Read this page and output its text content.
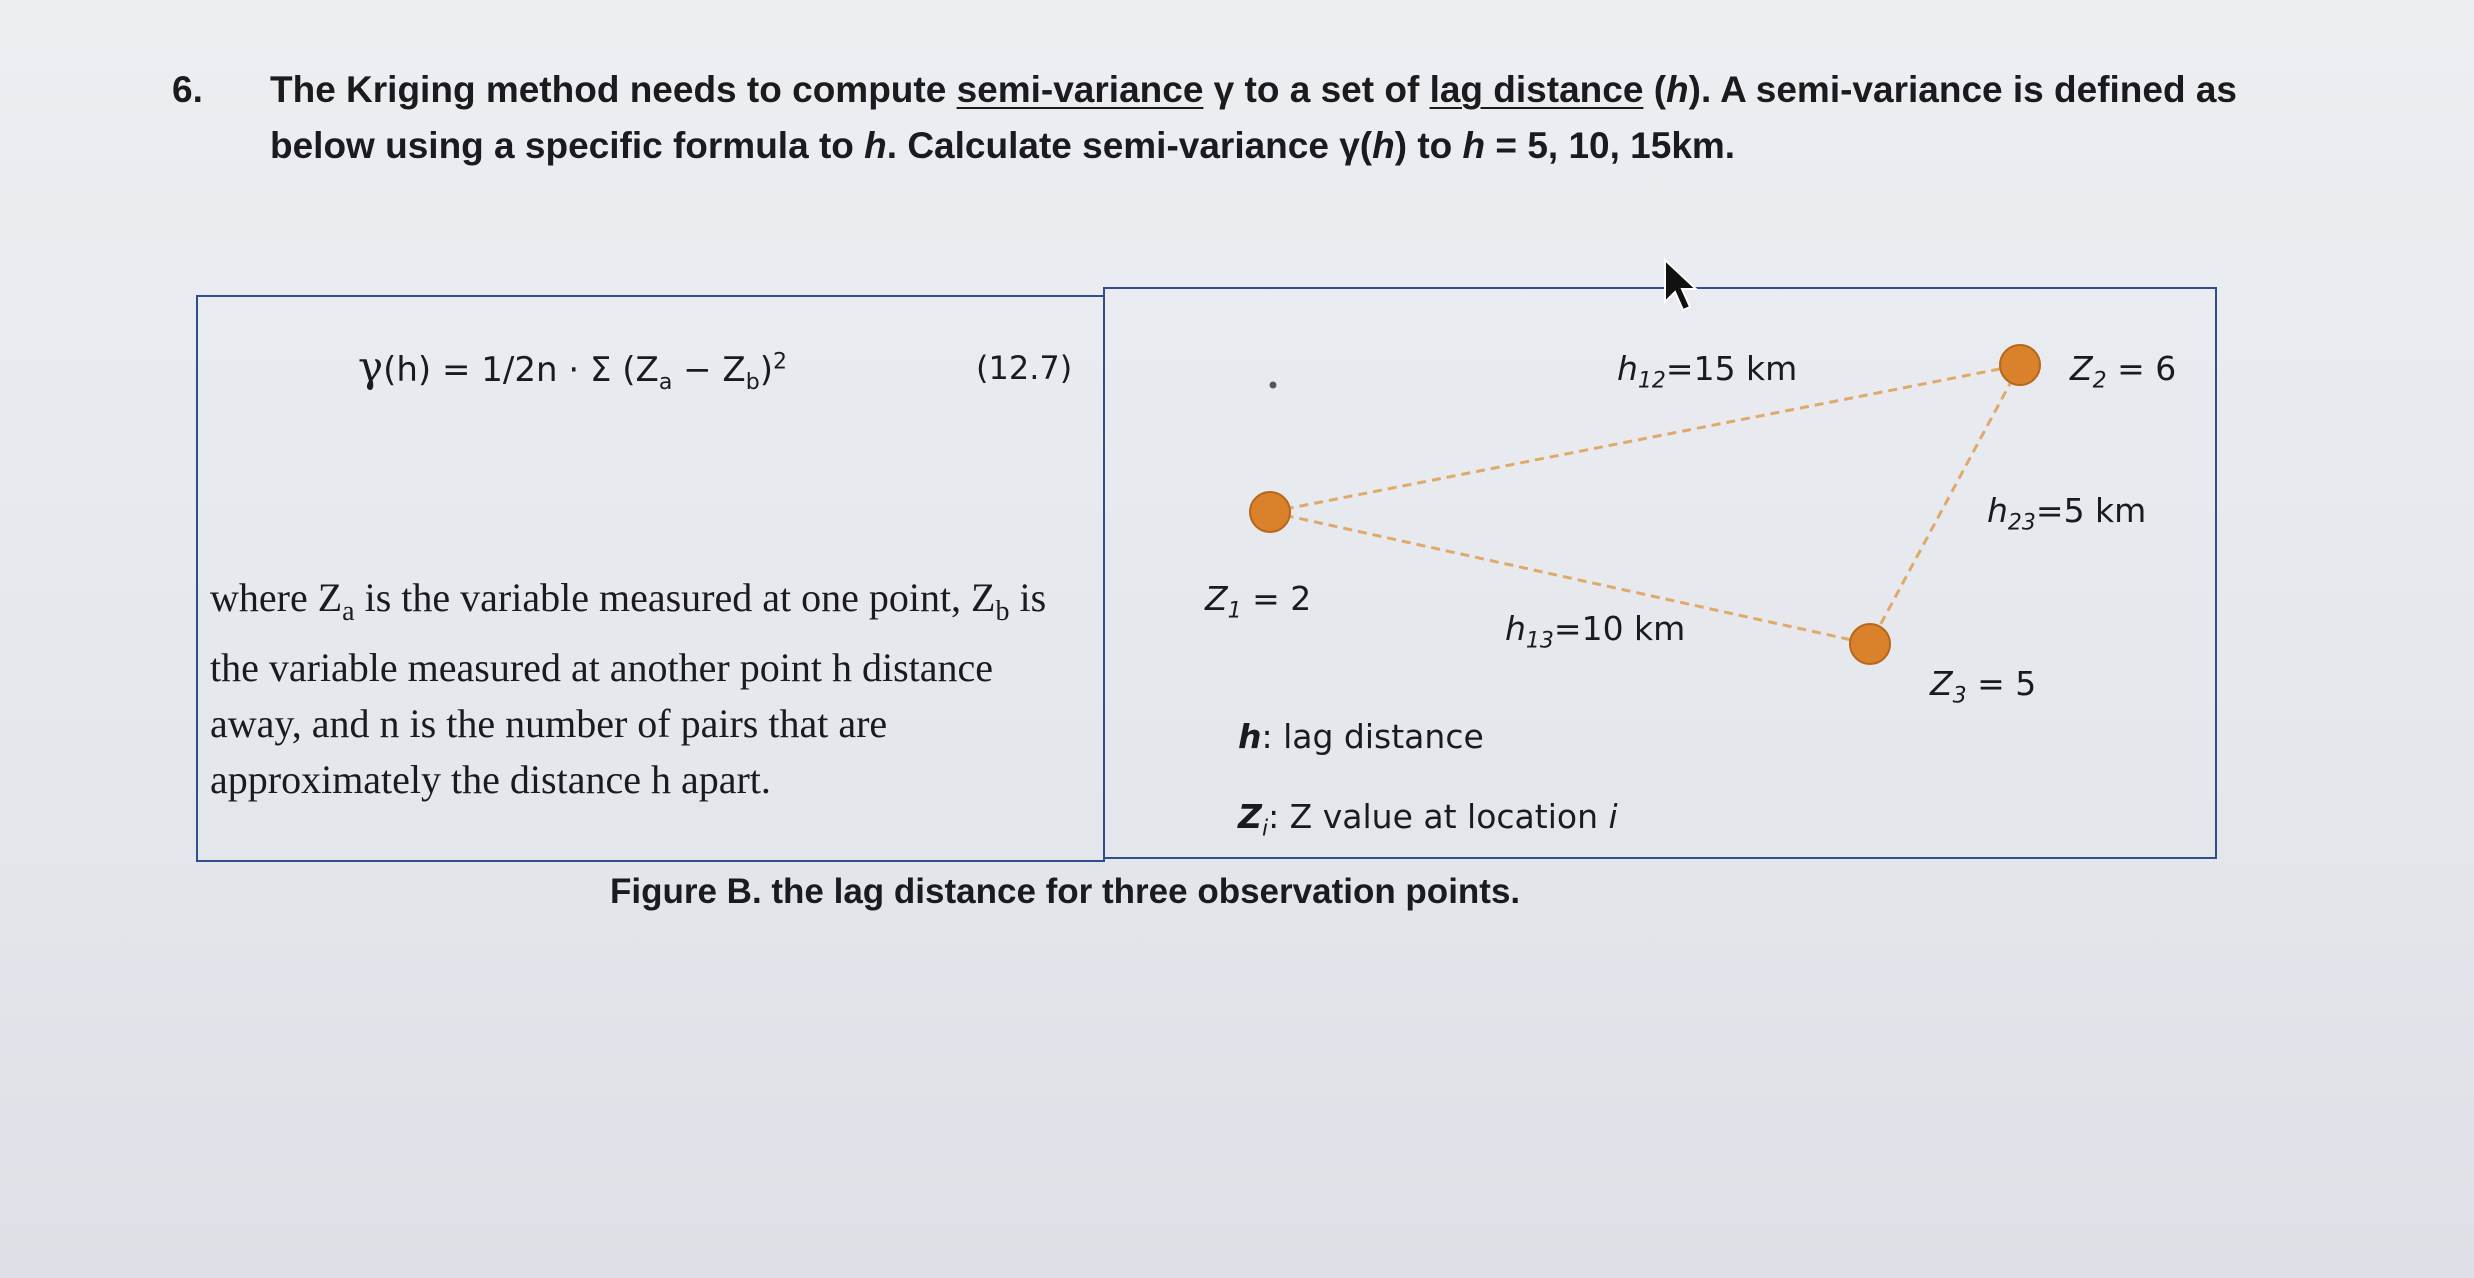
6. The Kriging method needs to compute semi-variance γ to a set of lag distance (h). A semi-variance is defined as below using a specific formula to h. Calculate semi-variance γ(h) to h = 5, 10, 15km.
γ(h) = 1/2n · Σ $(Z_a - Z_b)^2$	(12.7)
where $Z_a$ is the variable measured at one point, $Z_b$ is the variable measured at another point h distance away, and n is the number of pairs that are approximately the distance h apart.
$h_{12}=15$ km	$Z_2 = 6$
$h_{23}=5$ km
$Z_1 = 2$
$h_{13}=10$ km
$Z_3 = 5$
h: lag distance
$Z_i$: Z value at location i
Figure B. the lag distance for three observation points.
